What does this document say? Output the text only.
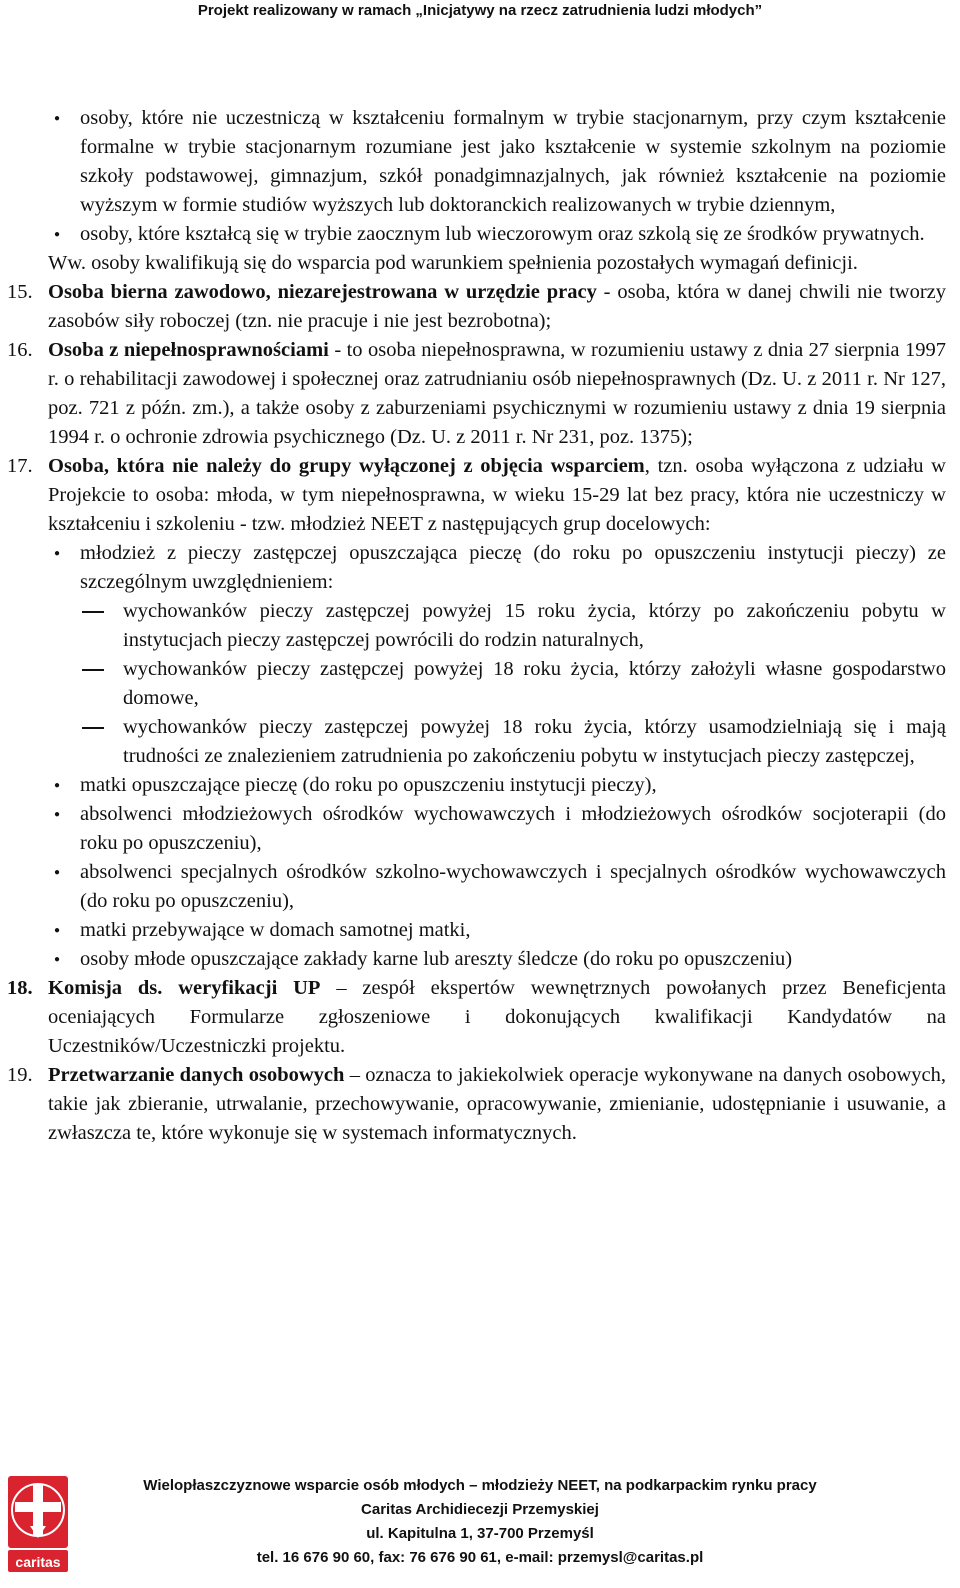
Projekt realizowany w ramach „Inicjatywy na rzecz zatrudnienia ludzi młodych”

● osoby, które nie uczestniczą w kształceniu formalnym w trybie stacjonarnym, przy czym kształcenie formalne w trybie stacjonarnym rozumiane jest jako kształcenie w systemie szkolnym na poziomie szkoły podstawowej, gimnazjum, szkół ponadgimnazjalnych, jak również kształcenie na poziomie wyższym w formie studiów wyższych lub doktoranckich realizowanych w trybie dziennym,

● osoby, które kształcą się w trybie zaocznym lub wieczorowym oraz szkolą się ze środków prywatnych.

Ww. osoby kwalifikują się do wsparcia pod warunkiem spełnienia pozostałych wymagań definicji.

15. Osoba bierna zawodowo, niezarejestrowana w urzędzie pracy - osoba, która w danej chwili nie tworzy zasobów siły roboczej (tzn. nie pracuje i nie jest bezrobotna);

16. Osoba z niepełnosprawnościami - to osoba niepełnosprawna, w rozumieniu ustawy z dnia 27 sierpnia 1997 r. o rehabilitacji zawodowej i społecznej oraz zatrudnianiu osób niepełnosprawnych (Dz. U. z 2011 r. Nr 127, poz. 721 z późn. zm.), a także osoby z zaburzeniami psychicznymi w rozumieniu ustawy z dnia 19 sierpnia 1994 r. o ochronie zdrowia psychicznego (Dz. U. z 2011 r. Nr 231, poz. 1375);

17. Osoba, która nie należy do grupy wyłączonej z objęcia wsparciem, tzn. osoba wyłączona z udziału w Projekcie to osoba: młoda, w tym niepełnosprawna, w wieku 15-29 lat bez pracy, która nie uczestniczy w kształceniu i szkoleniu - tzw. młodzież NEET z następujących grup docelowych:

● młodzież z pieczy zastępczej opuszczająca pieczę (do roku po opuszczeniu instytucji pieczy) ze szczególnym uwzględnieniem:

wychowanków pieczy zastępczej powyżej 15 roku życia, którzy po zakończeniu pobytu w instytucjach pieczy zastępczej powrócili do rodzin naturalnych,

wychowanków pieczy zastępczej powyżej 18 roku życia, którzy założyli własne gospodarstwo domowe,

wychowanków pieczy zastępczej powyżej 18 roku życia, którzy usamodzielniają się i mają trudności ze znalezieniem zatrudnienia po zakończeniu pobytu w instytucjach pieczy zastępczej,

● matki opuszczające pieczę (do roku po opuszczeniu instytucji pieczy),

● absolwenci młodzieżowych ośrodków wychowawczych i młodzieżowych ośrodków socjoterapii (do roku po opuszczeniu),

● absolwenci specjalnych ośrodków szkolno-wychowawczych i specjalnych ośrodków wychowawczych (do roku po opuszczeniu),

● matki przebywające w domach samotnej matki,

● osoby młode opuszczające zakłady karne lub areszty śledcze (do roku po opuszczeniu)

18. Komisja ds. weryfikacji UP – zespół ekspertów wewnętrznych powołanych przez Beneficjenta oceniających Formularze zgłoszeniowe i dokonujących kwalifikacji Kandydatów na Uczestników/Uczestniczki projektu.

19. Przetwarzanie danych osobowych – oznacza to jakiekolwiek operacje wykonywane na danych osobowych, takie jak zbieranie, utrwalanie, przechowywanie, opracowywanie, zmienianie, udostępnianie i usuwanie, a zwłaszcza te, które wykonuje się w systemach informatycznych.

caritas
Wielopłaszczyznowe wsparcie osób młodych – młodzieży NEET, na podkarpackim rynku pracy
Caritas Archidiecezji Przemyskiej
ul. Kapitulna 1, 37-700 Przemyśl
tel. 16 676 90 60, fax: 76 676 90 61, e-mail: przemysl@caritas.pl
